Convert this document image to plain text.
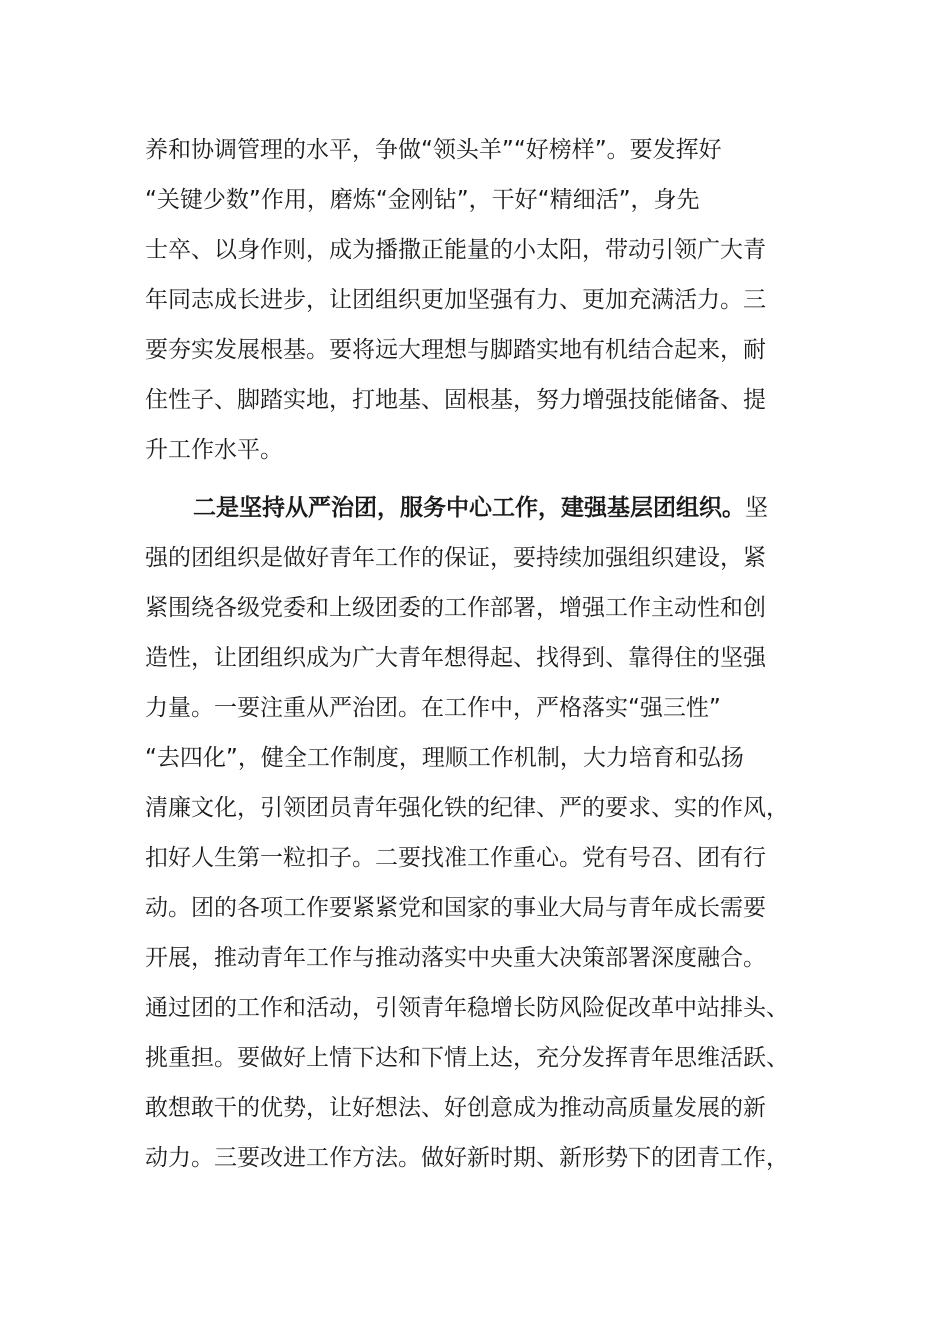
养和协调管理的水平，争做“领头羊”“好榜样”。要发挥好
“关键少数”作用，磨炼“金刚钻”，干好“精细活”，身先
士卒、以身作则，成为播撒正能量的小太阳，带动引领广大青
年同志成长进步，让团组织更加坚强有力、更加充满活力。三
要夯实发展根基。要将远大理想与脚踏实地有机结合起来，耐
住性子、脚踏实地，打地基、固根基，努力增强技能储备、提
升工作水平。
二是坚持从严治团，服务中心工作，建强基层团组织。坚
强的团组织是做好青年工作的保证，要持续加强组织建设，紧
紧围绕各级党委和上级团委的工作部署，增强工作主动性和创
造性，让团组织成为广大青年想得起、找得到、靠得住的坚强
力量。一要注重从严治团。在工作中，严格落实“强三性”
“去四化”，健全工作制度，理顺工作机制，大力培育和弘扬
清廉文化，引领团员青年强化铁的纪律、严的要求、实的作风，
扣好人生第一粒扣子。二要找准工作重心。党有号召、团有行
动。团的各项工作要紧紧党和国家的事业大局与青年成长需要
开展，推动青年工作与推动落实中央重大决策部署深度融合。
通过团的工作和活动，引领青年稳增长防风险促改革中站排头、
挑重担。要做好上情下达和下情上达，充分发挥青年思维活跃、
敢想敢干的优势，让好想法、好创意成为推动高质量发展的新
动力。三要改进工作方法。做好新时期、新形势下的团青工作，
